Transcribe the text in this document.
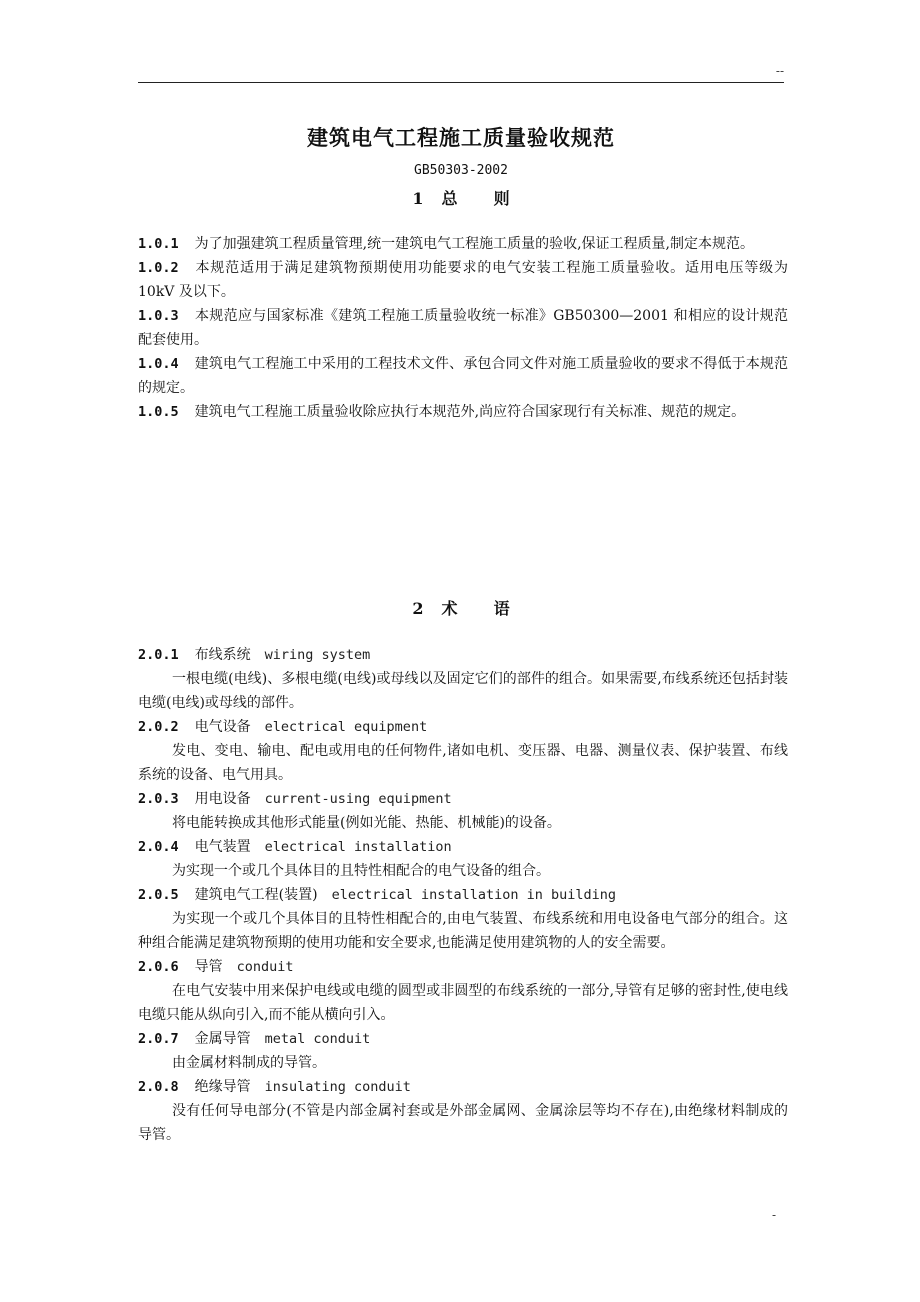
--
建筑电气工程施工质量验收规范
GB50303-2002
1 总 则
1.0.1 为了加强建筑工程质量管理,统一建筑电气工程施工质量的验收,保证工程质量,制定本规范。
1.0.2 本规范适用于满足建筑物预期使用功能要求的电气安装工程施工质量验收。适用电压等级为 10kV 及以下。
1.0.3 本规范应与国家标准《建筑工程施工质量验收统一标准》GB50300—2001 和相应的设计规范配套使用。
1.0.4 建筑电气工程施工中采用的工程技术文件、承包合同文件对施工质量验收的要求不得低于本规范的规定。
1.0.5 建筑电气工程施工质量验收除应执行本规范外,尚应符合国家现行有关标准、规范的规定。
2 术 语
2.0.1 布线系统 wiring system
一根电缆(电线)、多根电缆(电线)或母线以及固定它们的部件的组合。如果需要,布线系统还包括封装电缆(电线)或母线的部件。
2.0.2 电气设备 electrical equipment
发电、变电、输电、配电或用电的任何物件,诸如电机、变压器、电器、测量仪表、保护装置、布线系统的设备、电气用具。
2.0.3 用电设备 current-using equipment
将电能转换成其他形式能量(例如光能、热能、机械能)的设备。
2.0.4 电气装置 electrical installation
为实现一个或几个具体目的且特性相配合的电气设备的组合。
2.0.5 建筑电气工程(装置) electrical installation in building
为实现一个或几个具体目的且特性相配合的,由电气装置、布线系统和用电设备电气部分的组合。这种组合能满足建筑物预期的使用功能和安全要求,也能满足使用建筑物的人的安全需要。
2.0.6 导管 conduit
在电气安装中用来保护电线或电缆的圆型或非圆型的布线系统的一部分,导管有足够的密封性,使电线电缆只能从纵向引入,而不能从横向引入。
2.0.7 金属导管 metal conduit
由金属材料制成的导管。
2.0.8 绝缘导管 insulating conduit
没有任何导电部分(不管是内部金属衬套或是外部金属网、金属涂层等均不存在),由绝缘材料制成的导管。
-
